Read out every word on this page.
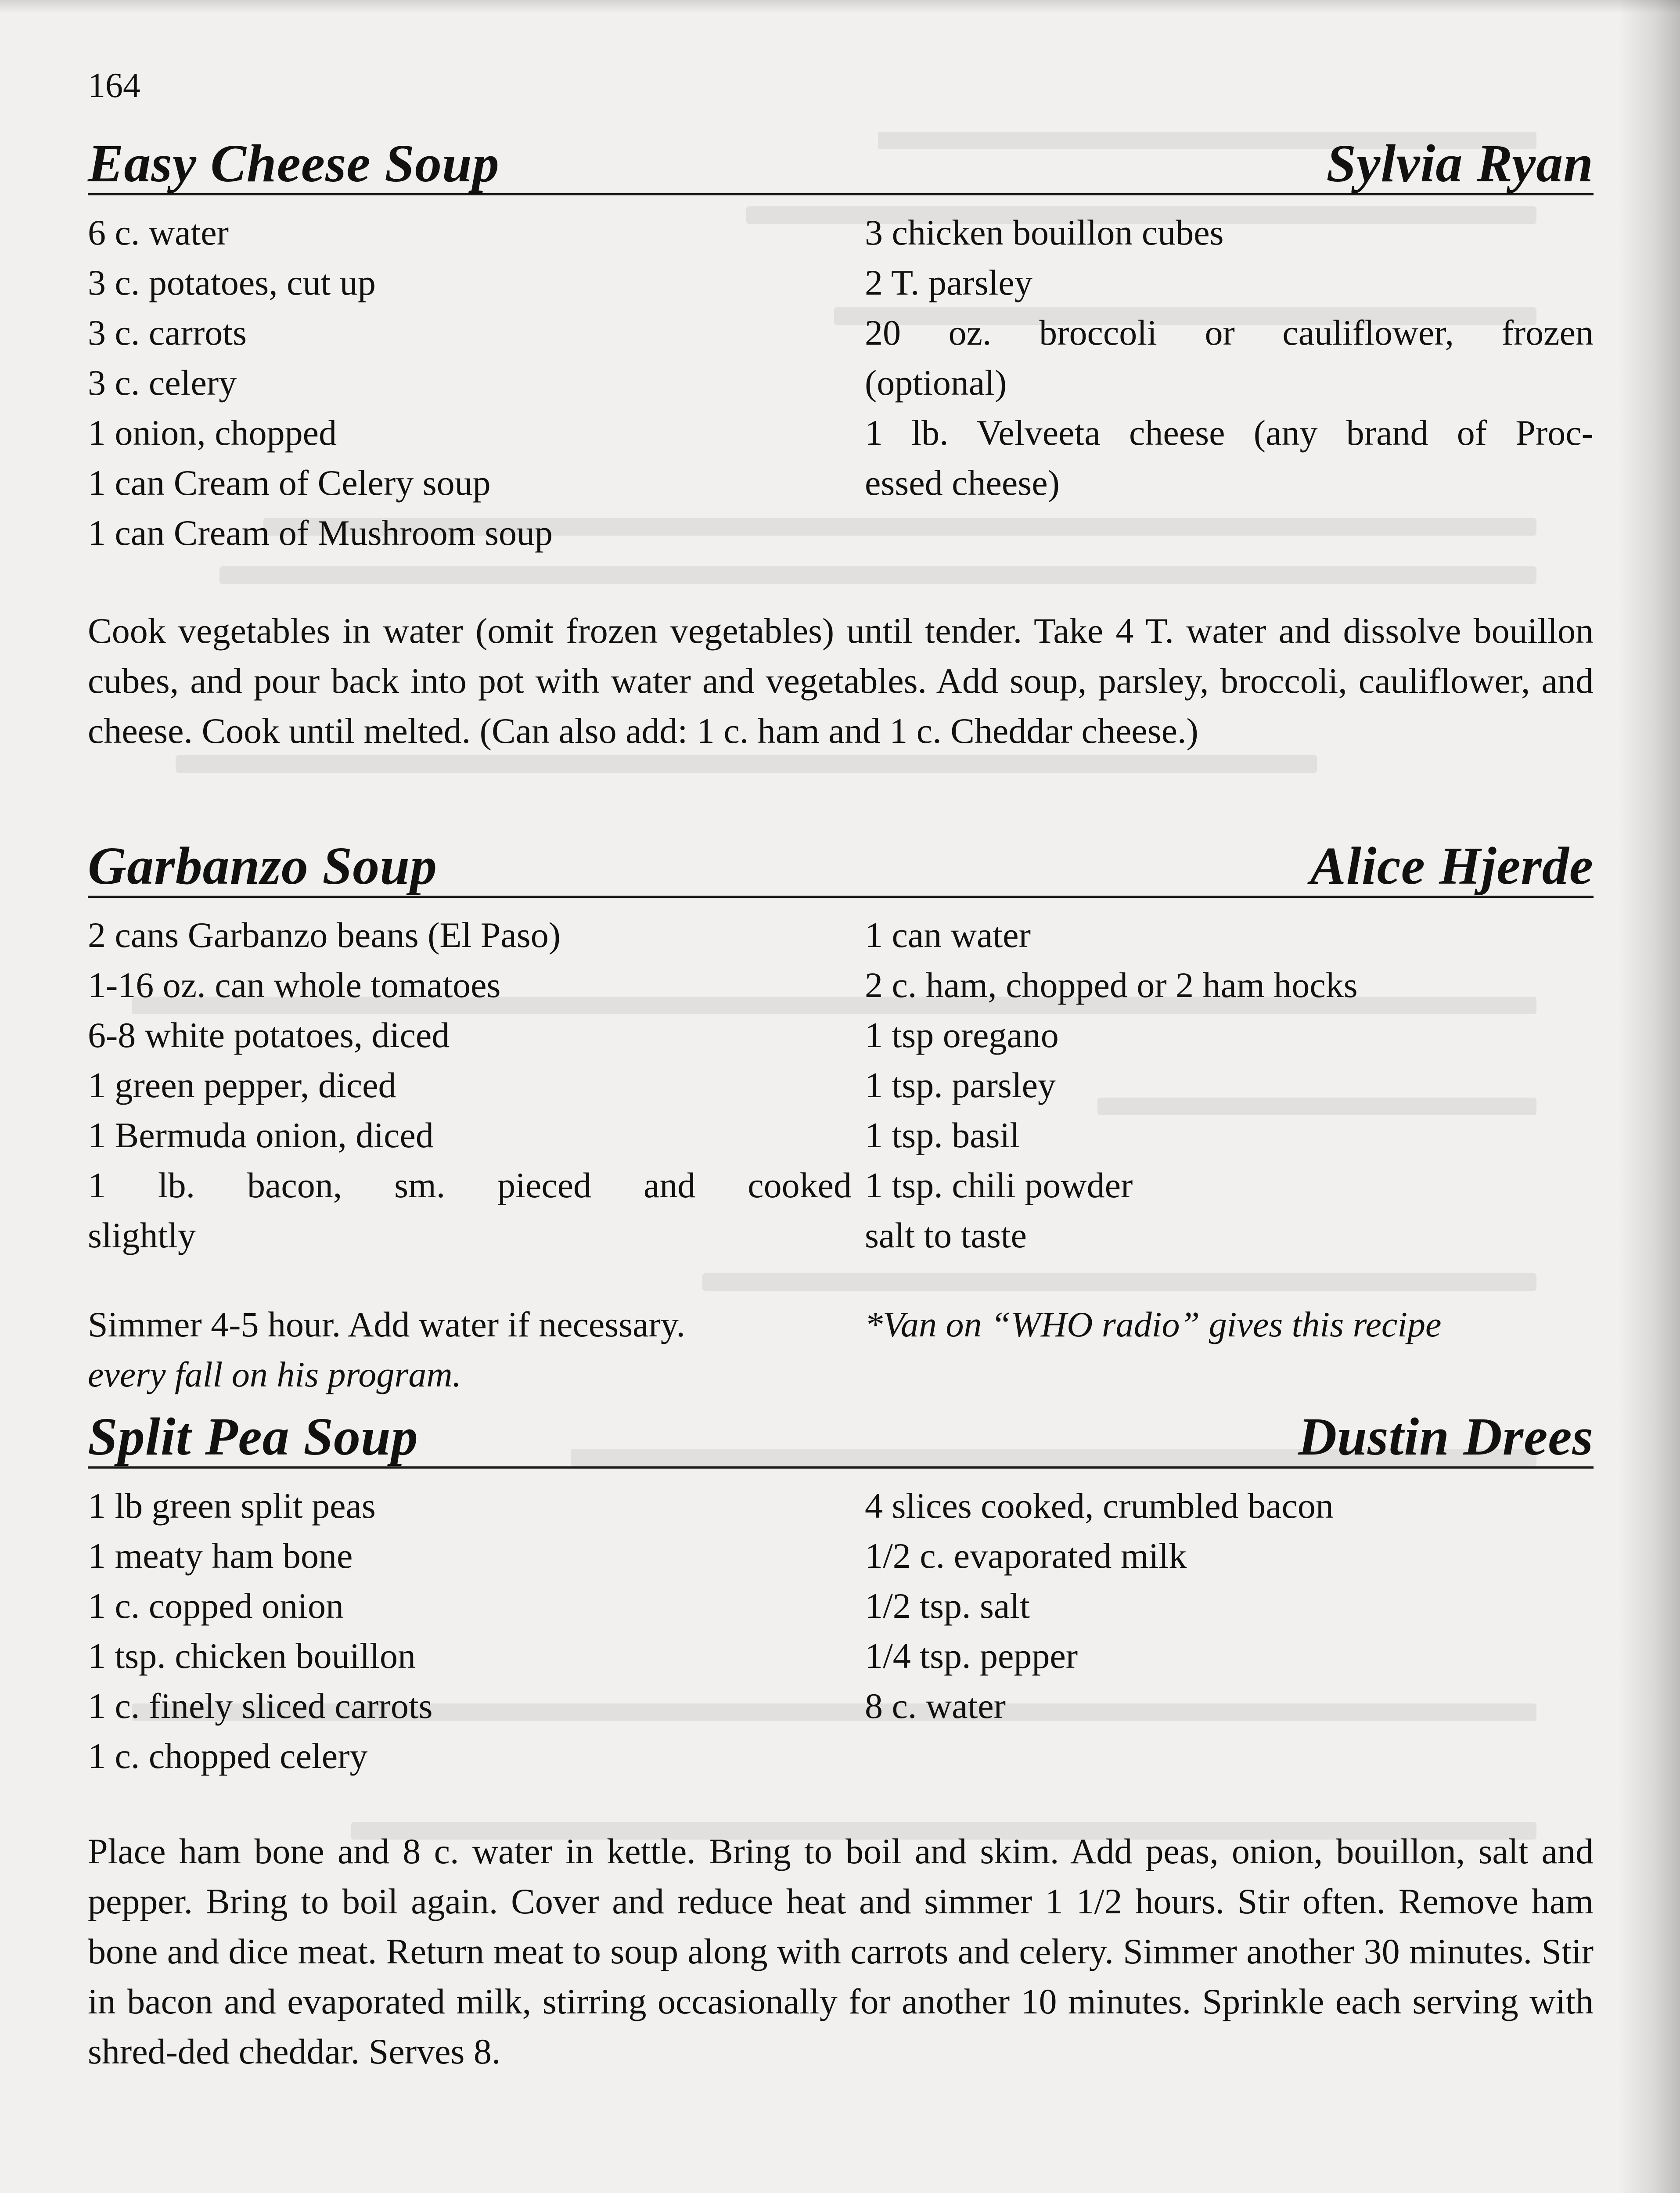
164
Easy Cheese Soup	Sylvia Ryan
6 c. water
3 c. potatoes, cut up
3 c. carrots
3 c. celery
1 onion, chopped
1 can Cream of Celery soup
1 can Cream of Mushroom soup
3 chicken bouillon cubes
2 T. parsley
20 oz. broccoli or cauliflower, frozen
(optional)
1 lb. Velveeta cheese (any brand of Proc-
essed cheese)
Cook vegetables in water (omit frozen vegetables) until tender. Take 4 T. water and dissolve bouillon cubes, and pour back into pot with water and vegetables. Add soup, parsley, broccoli, cauliflower, and cheese. Cook until melted. (Can also add: 1 c. ham and 1 c. Cheddar cheese.)
Garbanzo Soup	Alice Hjerde
2 cans Garbanzo beans (El Paso)
1-16 oz. can whole tomatoes
6-8 white potatoes, diced
1 green pepper, diced
1 Bermuda onion, diced
1 lb. bacon, sm. pieced and cooked
slightly
1 can water
2 c. ham, chopped or 2 ham hocks
1 tsp oregano
1 tsp. parsley
1 tsp. basil
1 tsp. chili powder
salt to taste
Simmer 4-5 hour. Add water if necessary.	*Van on “WHO radio” gives this recipe
every fall on his program.
Split Pea Soup	Dustin Drees
1 lb green split peas
1 meaty ham bone
1 c. copped onion
1 tsp. chicken bouillon
1 c. finely sliced carrots
1 c. chopped celery
4 slices cooked, crumbled bacon
1/2 c. evaporated milk
1/2 tsp. salt
1/4 tsp. pepper
8 c. water
Place ham bone and 8 c. water in kettle. Bring to boil and skim. Add peas, onion, bouillon, salt and pepper. Bring to boil again. Cover and reduce heat and simmer 1 1/2 hours. Stir often. Remove ham bone and dice meat. Return meat to soup along with carrots and celery. Simmer another 30 minutes. Stir in bacon and evaporated milk, stirring occasionally for another 10 minutes. Sprinkle each serving with shred-ded cheddar. Serves 8.
